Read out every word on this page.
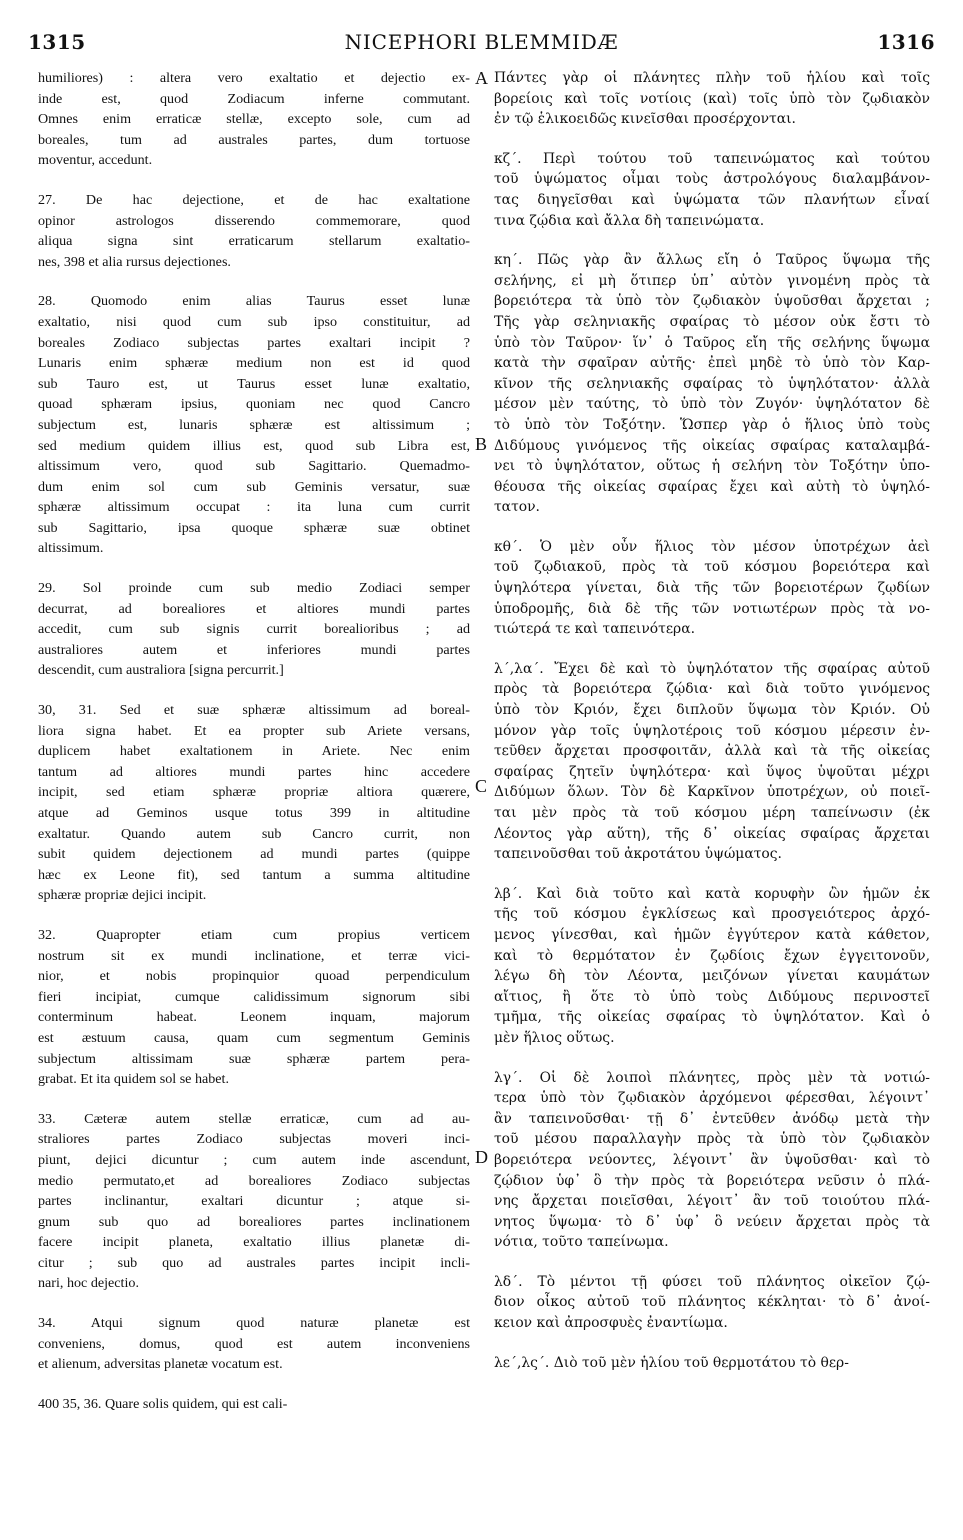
1315	NICEPHORI BLEMMIDÆ	1316
humiliores) : altera vero exaltatio et dejectio ex-
inde est, quod Zodiacum inferne commutant.
Omnes enim erraticæ stellæ, excepto sole, cum ad
boreales, tum ad australes partes, dum tortuose
moventur, accedunt.
27. De hac dejectione, et de hac exaltatione
opinor astrologos disserendo commemorare, quod
aliqua signa sint erraticarum stellarum exaltatio-
nes, 398 et alia rursus dejectiones.
28. Quomodo enim alias Taurus esset lunæ
exaltatio, nisi quod cum sub ipso constituitur, ad
boreales Zodiaco subjectas partes exaltari incipit ?
Lunaris enim sphæræ medium non est id quod
sub Tauro est, ut Taurus esset lunæ exaltatio,
quoad sphæram ipsius, quoniam nec quod Cancro
subjectum est, lunaris sphæræ est altissimum ;
sed medium quidem illius est, quod sub Libra est,
altissimum vero, quod sub Sagittario. Quemadmo-
dum enim sol cum sub Geminis versatur, suæ
sphæræ altissimum occupat : ita luna cum currit
sub Sagittario, ipsa quoque sphæræ suæ obtinet
altissimum.
29. Sol proinde cum sub medio Zodiaci semper
decurrat, ad borealiores et altiores mundi partes
accedit, cum sub signis currit borealioribus ; ad
australiores autem et inferiores mundi partes
descendit, cum australiora [signa percurrit.]
30, 31. Sed et suæ sphæræ altissimum ad boreal-
liora signa habet. Et ea propter sub Ariete versans,
duplicem habet exaltationem in Ariete. Nec enim
tantum ad altiores mundi partes hinc accedere
incipit, sed etiam sphæræ propriæ altiora quærere,
atque ad Geminos usque totus 399 in altitudine
exaltatur. Quando autem sub Cancro currit, non
subit quidem dejectionem ad mundi partes (quippe
hæc ex Leone fit), sed tantum a summa altitudine
sphæræ propriæ dejici incipit.
32. Quapropter etiam cum propius verticem
nostrum sit ex mundi inclinatione, et terræ vici-
nior, et nobis propinquior quoad perpendiculum
fieri incipiat, cumque calidissimum signorum sibi
conterminum habeat. Leonem inquam, majorum
est æstuum causa, quam cum segmentum Geminis
subjectum altissimam suæ sphæræ partem pera-
grabat. Et ita quidem sol se habet.
33. Cæteræ autem stellæ erraticæ, cum ad au-
straliores partes Zodiaco subjectas moveri inci-
piunt, dejici dicuntur ; cum autem inde ascendunt,
medio permutato,et ad borealiores Zodiaco subjectas
partes inclinantur, exaltari dicuntur ; atque si-
gnum sub quo ad borealiores partes inclinationem
facere incipit planeta, exaltatio illius planetæ di-
citur ; sub quo ad australes partes incipit incli-
nari, hoc dejectio.
34. Atqui signum quod naturæ planetæ est
conveniens, domus, quod est autem inconveniens
et alienum, adversitas planetæ vocatum est.
400 35, 36. Quare solis quidem, qui est cali-
Πάντες γὰρ οἱ πλάνητες πλὴν τοῦ ἡλίου καὶ τοῖς
βορείοις καὶ τοῖς νοτίοις (καὶ) τοῖς ὑπὸ τὸν ζῳδιακὸν
ἐν τῷ ἑλικοειδῶς κινεῖσθαι προσέρχονται.
κζ΄. Περὶ τούτου τοῦ ταπεινώματος καὶ τούτου
τοῦ ὑψώματος οἶμαι τοὺς ἀστρολόγους διαλαμβάνον-
τας διηγεῖσθαι καὶ ὑψώματα τῶν πλανήτων εἶναί
τινα ζῴδια καὶ ἄλλα δὴ ταπεινώματα.
κη΄. Πῶς γὰρ ἂν ἄλλως εἴη ὁ Ταῦρος ὕψωμα τῆς
σελήνης, εἰ μὴ ὅτιπερ ὑπ᾽ αὐτὸν γινομένη πρὸς τὰ
βορειότερα τὰ ὑπὸ τὸν ζῳδιακὸν ὑψοῦσθαι ἄρχεται ;
Τῆς γὰρ σεληνιακῆς σφαίρας τὸ μέσον οὐκ ἔστι τὸ
ὑπὸ τὸν Ταῦρον· ἵν᾽ ὁ Ταῦρος εἴη τῆς σελήνης ὕψωμα
κατὰ τὴν σφαῖραν αὐτῆς· ἐπεὶ μηδὲ τὸ ὑπὸ τὸν Καρ-
κῖνον τῆς σεληνιακῆς σφαίρας τὸ ὑψηλότατον· ἀλλὰ
μέσον μὲν ταύτης, τὸ ὑπὸ τὸν Ζυγόν· ὑψηλότατον δὲ
τὸ ὑπὸ τὸν Τοξότην. Ὥσπερ γὰρ ὁ ἥλιος ὑπὸ τοὺς
Διδύμους γινόμενος τῆς οἰκείας σφαίρας καταλαμβά-
νει τὸ ὑψηλότατον, οὕτως ἡ σελήνη τὸν Τοξότην ὑπο-
θέουσα τῆς οἰκείας σφαίρας ἔχει καὶ αὐτὴ τὸ ὑψηλό-
τατον.
κθ΄. Ὁ μὲν οὖν ἥλιος τὸν μέσον ὑποτρέχων ἀεὶ
τοῦ ζῳδιακοῦ, πρὸς τὰ τοῦ κόσμου βορειότερα καὶ
ὑψηλότερα γίνεται, διὰ τῆς τῶν βορειοτέρων ζῳδίων
ὑποδρομῆς, διὰ δὲ τῆς τῶν νοτιωτέρων πρὸς τὰ νο-
τιώτερά τε καὶ ταπεινότερα.
λ΄,λα΄. Ἔχει δὲ καὶ τὸ ὑψηλότατον τῆς σφαίρας αὐτοῦ
πρὸς τὰ βορειότερα ζῴδια· καὶ διὰ τοῦτο γινόμενος
ὑπὸ τὸν Κριόν, ἔχει διπλοῦν ὕψωμα τὸν Κριόν. Οὐ
μόνον γὰρ τοῖς ὑψηλοτέροις τοῦ κόσμου μέρεσιν ἐν-
τεῦθεν ἄρχεται προσφοιτᾶν, ἀλλὰ καὶ τὰ τῆς οἰκείας
σφαίρας ζητεῖν ὑψηλότερα· καὶ ὕψος ὑψοῦται μέχρι
Διδύμων ὅλων. Τὸν δὲ Καρκῖνον ὑποτρέχων, οὐ ποιεῖ-
ται μὲν πρὸς τὰ τοῦ κόσμου μέρη ταπείνωσιν (ἐκ
Λέοντος γὰρ αὕτη), τῆς δ᾽ οἰκείας σφαίρας ἄρχεται
ταπεινοῦσθαι τοῦ ἀκροτάτου ὑψώματος.
λβ΄. Καὶ διὰ τοῦτο καὶ κατὰ κορυφὴν ὢν ἡμῶν ἐκ
τῆς τοῦ κόσμου ἐγκλίσεως καὶ προσγειότερος ἀρχό-
μενος γίνεσθαι, καὶ ἡμῶν ἐγγύτερον κατὰ κάθετον,
καὶ τὸ θερμότατον ἐν ζῳδίοις ἔχων ἐγγειτονοῦν,
λέγω δὴ τὸν Λέοντα, μειζόνων γίνεται καυμάτων
αἴτιος, ἢ ὅτε τὸ ὑπὸ τοὺς Διδύμους περινοστεῖ
τμῆμα, τῆς οἰκείας σφαίρας τὸ ὑψηλότατον. Καὶ ὁ
μὲν ἥλιος οὕτως.
λγ΄. Οἱ δὲ λοιποὶ πλάνητες, πρὸς μὲν τὰ νοτιώ-
τερα ὑπὸ τὸν ζῳδιακὸν ἀρχόμενοι φέρεσθαι, λέγοιντ᾽
ἂν ταπεινοῦσθαι· τῇ δ᾽ ἐντεῦθεν ἀνόδῳ μετὰ τὴν
τοῦ μέσου παραλλαγὴν πρὸς τὰ ὑπὸ τὸν ζῳδιακὸν
βορειότερα νεύοντες, λέγοιντ᾽ ἂν ὑψοῦσθαι· καὶ τὸ
ζῴδιον ὑφ᾽ ὃ τὴν πρὸς τὰ βορειότερα νεῦσιν ὁ πλά-
νης ἄρχεται ποιεῖσθαι, λέγοιτ᾽ ἂν τοῦ τοιούτου πλά-
νητος ὕψωμα· τὸ δ᾽ ὑφ᾽ ὃ νεύειν ἄρχεται πρὸς τὰ
νότια, τοῦτο ταπείνωμα.
λδ΄. Τὸ μέντοι τῇ φύσει τοῦ πλάνητος οἰκεῖον ζῴ-
διον οἶκος αὐτοῦ τοῦ πλάνητος κέκληται· τὸ δ᾽ ἀνοί-
κειον καὶ ἀπροσφυὲς ἐναντίωμα.
λε΄,λς΄. Διὸ τοῦ μὲν ἡλίου τοῦ θερμοτάτου τὸ θερ-
A
B
C
D
